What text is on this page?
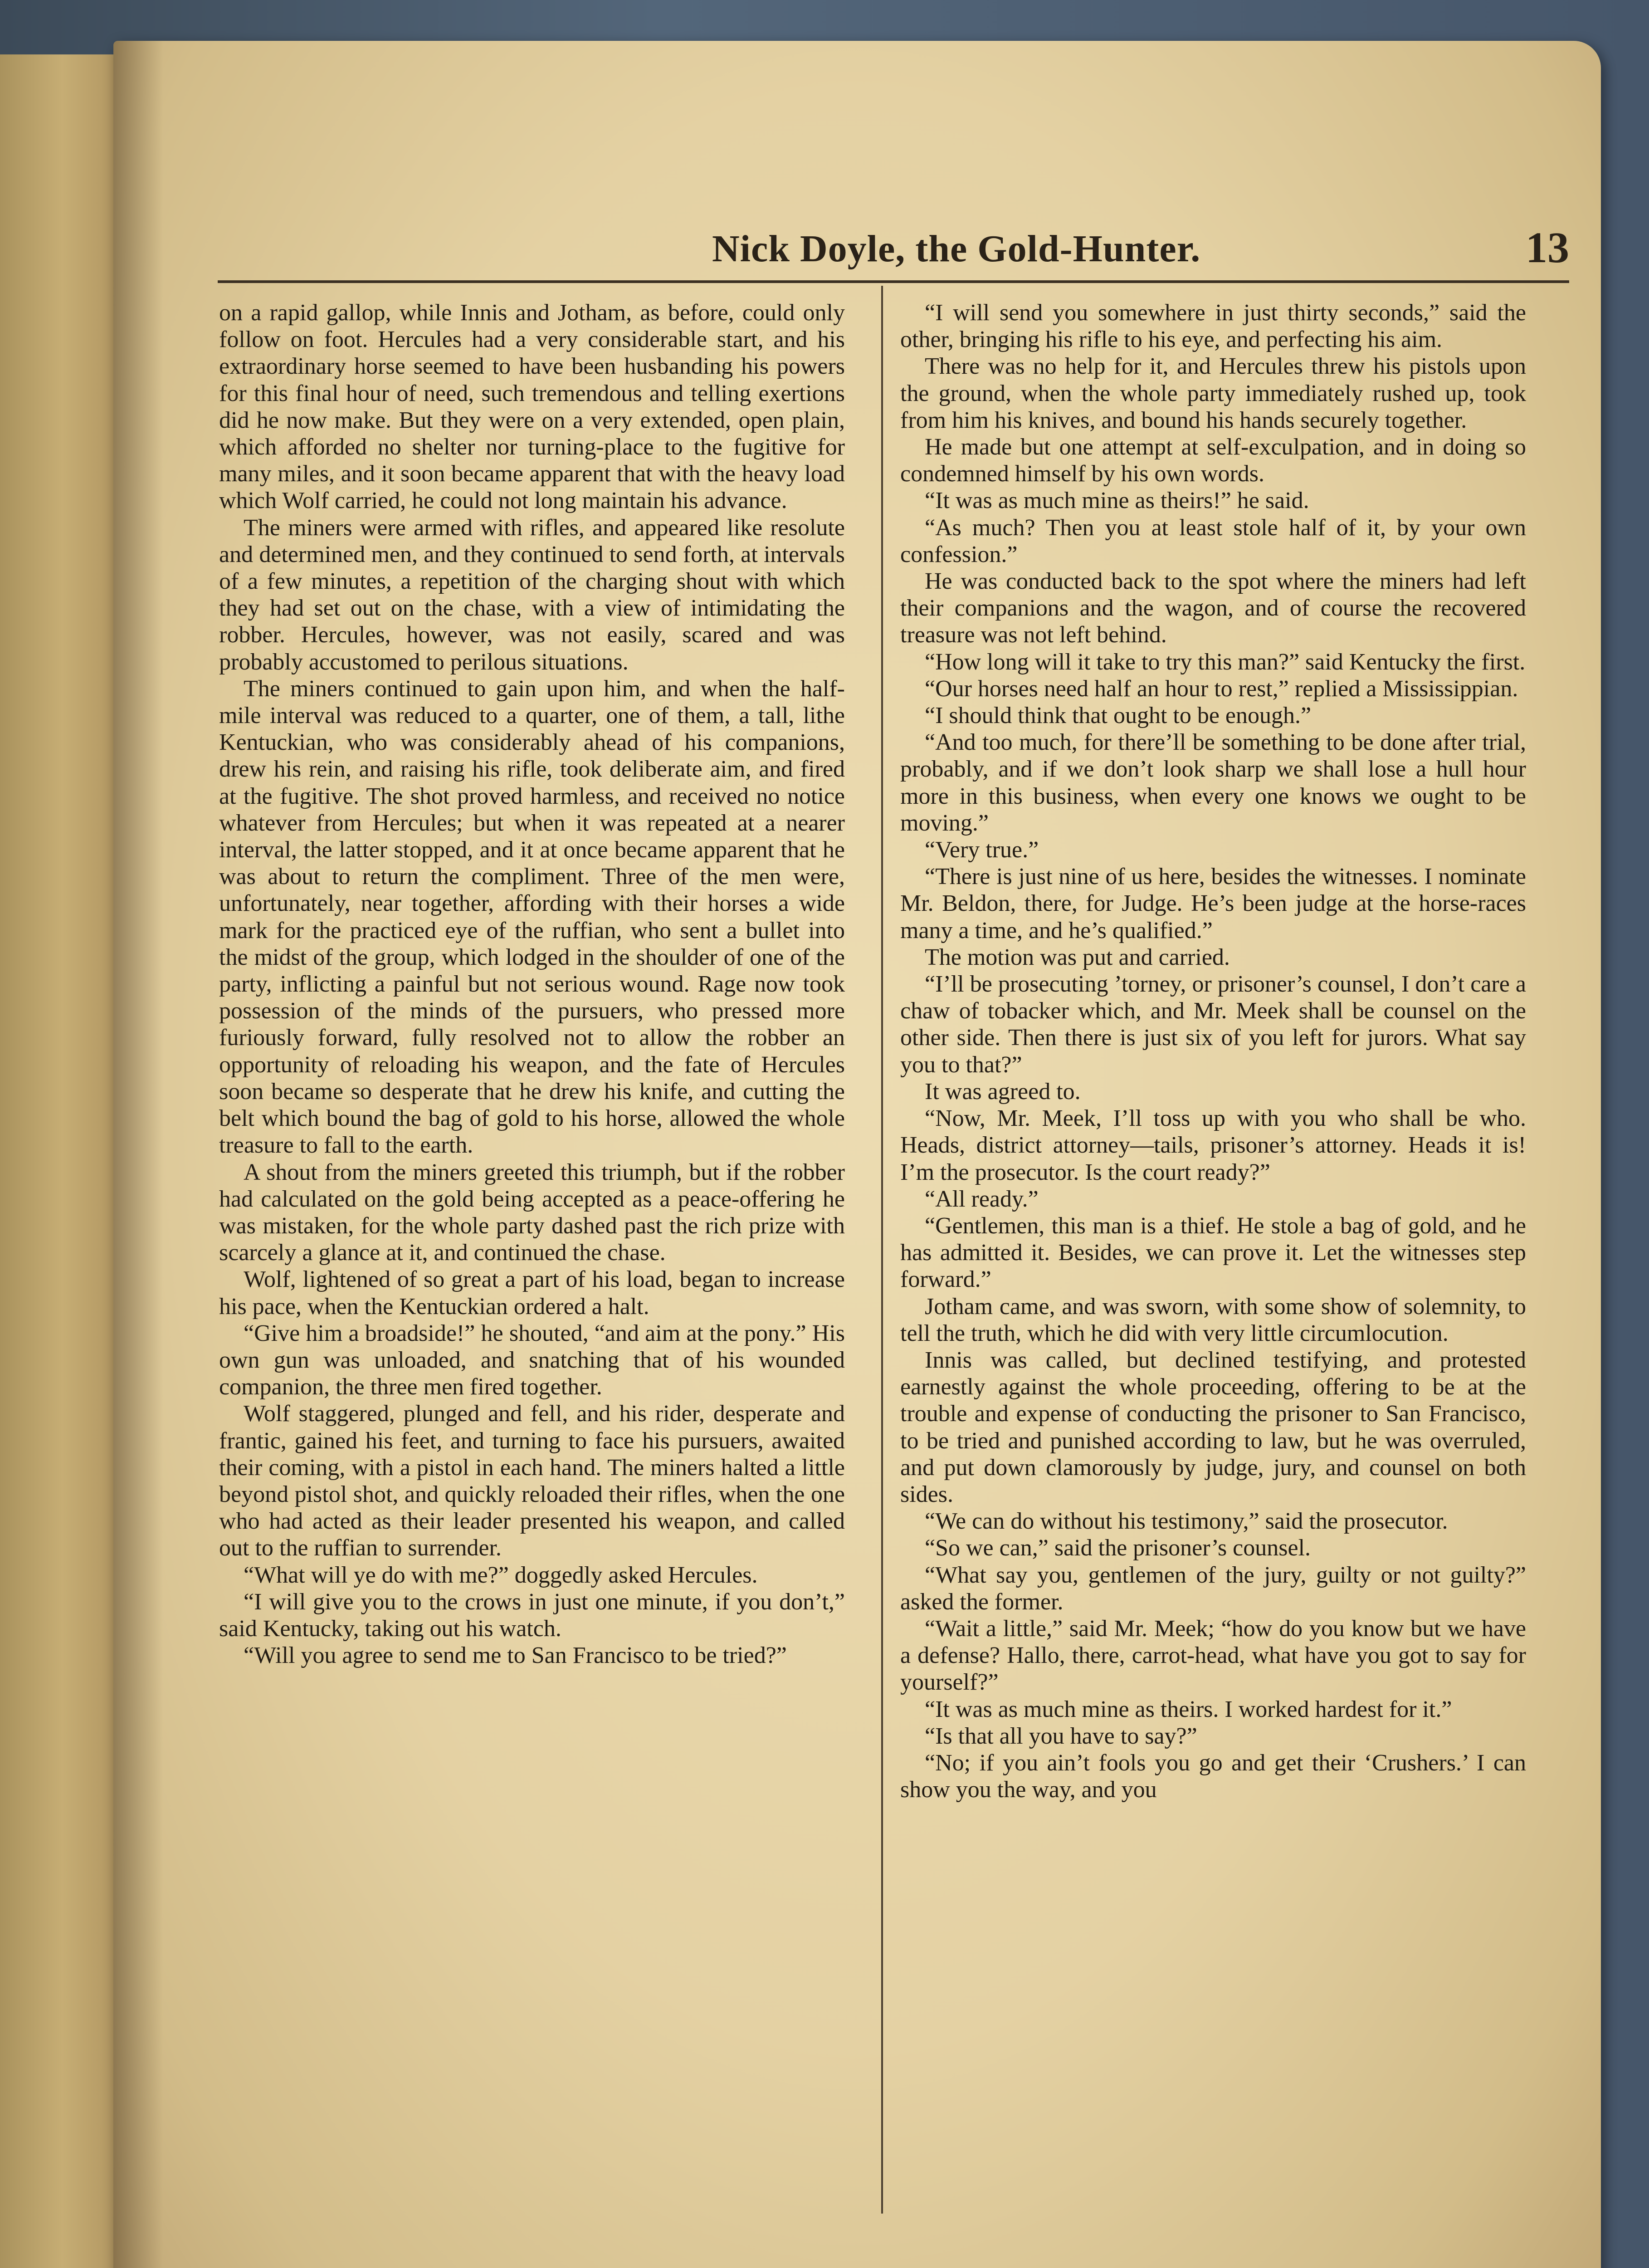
Nick Doyle, the Gold-Hunter.	13

on a rapid gallop, while Innis and Jotham, as before, could only follow on foot. Hercules had a very considerable start, and his extraordinary horse seemed to have been husbanding his powers for this final hour of need, such tremendous and telling exertions did he now make. But they were on a very extended, open plain, which afforded no shelter nor turning-place to the fugitive for many miles, and it soon became apparent that with the heavy load which Wolf carried, he could not long maintain his advance.

The miners were armed with rifles, and appeared like resolute and determined men, and they continued to send forth, at intervals of a few minutes, a repetition of the charging shout with which they had set out on the chase, with a view of intimidating the robber. Hercules, however, was not easily, scared and was probably accustomed to perilous situations.

The miners continued to gain upon him, and when the half-mile interval was reduced to a quarter, one of them, a tall, lithe Kentuckian, who was considerably ahead of his companions, drew his rein, and raising his rifle, took deliberate aim, and fired at the fugitive. The shot proved harmless, and received no notice whatever from Hercules; but when it was repeated at a nearer interval, the latter stopped, and it at once became apparent that he was about to return the compliment. Three of the men were, unfortunately, near together, affording with their horses a wide mark for the practiced eye of the ruffian, who sent a bullet into the midst of the group, which lodged in the shoulder of one of the party, inflicting a painful but not serious wound. Rage now took possession of the minds of the pursuers, who pressed more furiously forward, fully resolved not to allow the robber an opportunity of reloading his weapon, and the fate of Hercules soon became so desperate that he drew his knife, and cutting the belt which bound the bag of gold to his horse, allowed the whole treasure to fall to the earth.

A shout from the miners greeted this triumph, but if the robber had calculated on the gold being accepted as a peace-offering he was mistaken, for the whole party dashed past the rich prize with scarcely a glance at it, and continued the chase.

Wolf, lightened of so great a part of his load, began to increase his pace, when the Kentuckian ordered a halt.

“Give him a broadside!” he shouted, “and aim at the pony.” His own gun was unloaded, and snatching that of his wounded companion, the three men fired together.

Wolf staggered, plunged and fell, and his rider, desperate and frantic, gained his feet, and turning to face his pursuers, awaited their coming, with a pistol in each hand. The miners halted a little beyond pistol shot, and quickly reloaded their rifles, when the one who had acted as their leader presented his weapon, and called out to the ruffian to surrender.

“What will ye do with me?” doggedly asked Hercules.

“I will give you to the crows in just one minute, if you don’t,” said Kentucky, taking out his watch.

“Will you agree to send me to San Francisco to be tried?”

“I will send you somewhere in just thirty seconds,” said the other, bringing his rifle to his eye, and perfecting his aim.

There was no help for it, and Hercules threw his pistols upon the ground, when the whole party immediately rushed up, took from him his knives, and bound his hands securely together.

He made but one attempt at self-exculpation, and in doing so condemned himself by his own words.

“It was as much mine as theirs!” he said.

“As much? Then you at least stole half of it, by your own confession.”

He was conducted back to the spot where the miners had left their companions and the wagon, and of course the recovered treasure was not left behind.

“How long will it take to try this man?” said Kentucky the first.

“Our horses need half an hour to rest,” replied a Mississippian.

“I should think that ought to be enough.”

“And too much, for there’ll be something to be done after trial, probably, and if we don’t look sharp we shall lose a hull hour more in this business, when every one knows we ought to be moving.”

“Very true.”

“There is just nine of us here, besides the witnesses. I nominate Mr. Beldon, there, for Judge. He’s been judge at the horse-races many a time, and he’s qualified.”

The motion was put and carried.

“I’ll be prosecuting ’torney, or prisoner’s counsel, I don’t care a chaw of tobacker which, and Mr. Meek shall be counsel on the other side. Then there is just six of you left for jurors. What say you to that?”

It was agreed to.

“Now, Mr. Meek, I’ll toss up with you who shall be who. Heads, district attorney—tails, prisoner’s attorney. Heads it is! I’m the prosecutor. Is the court ready?”

“All ready.”

“Gentlemen, this man is a thief. He stole a bag of gold, and he has admitted it. Besides, we can prove it. Let the witnesses step forward.”

Jotham came, and was sworn, with some show of solemnity, to tell the truth, which he did with very little circumlocution.

Innis was called, but declined testifying, and protested earnestly against the whole proceeding, offering to be at the trouble and expense of conducting the prisoner to San Francisco, to be tried and punished according to law, but he was overruled, and put down clamorously by judge, jury, and counsel on both sides.

“We can do without his testimony,” said the prosecutor.

“So we can,” said the prisoner’s counsel.

“What say you, gentlemen of the jury, guilty or not guilty?” asked the former.

“Wait a little,” said Mr. Meek; “how do you know but we have a defense? Hallo, there, carrot-head, what have you got to say for yourself?”

“It was as much mine as theirs. I worked hardest for it.”

“Is that all you have to say?”

“No; if you ain’t fools you go and get their ‘Crushers.’ I can show you the way, and you
